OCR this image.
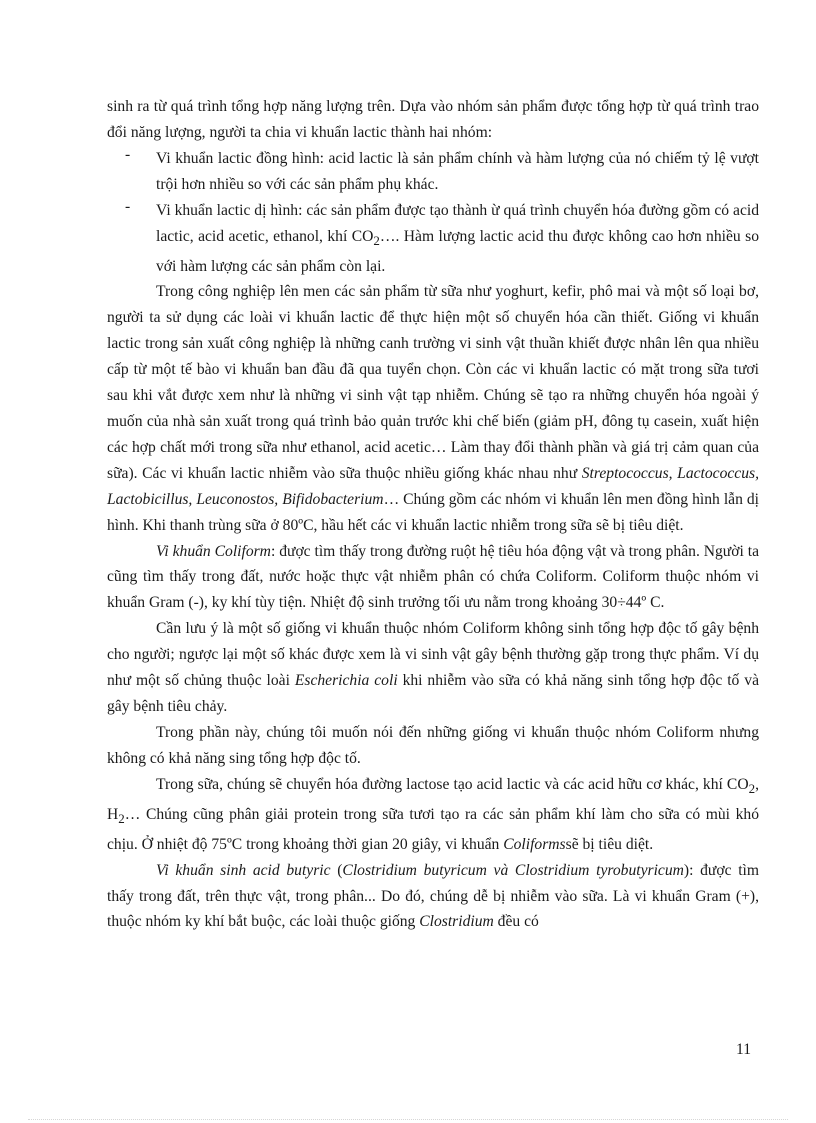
sinh ra từ quá trình tổng hợp năng lượng trên. Dựa vào nhóm sản phẩm được tổng hợp từ quá trình trao đổi năng lượng, người ta chia vi khuẩn lactic thành hai nhóm:

-	Vi khuẩn lactic đồng hình: acid lactic là sản phẩm chính và hàm lượng của nó chiếm tỷ lệ vượt trội hơn nhiều so với các sản phẩm phụ khác.

-	Vi khuẩn lactic dị hình: các sản phẩm được tạo thành ừ quá trình chuyển hóa đường gồm có acid lactic, acid acetic, ethanol, khí $CO_2\dots$. Hàm lượng lactic acid thu được không cao hơn nhiều so với hàm lượng các sản phẩm còn lại.

Trong công nghiệp lên men các sản phẩm từ sữa như yoghurt, kefir, phô mai và một số loại bơ, người ta sử dụng các loài vi khuẩn lactic để thực hiện một số chuyển hóa cần thiết. Giống vi khuẩn lactic trong sản xuất công nghiệp là những canh trường vi sinh vật thuần khiết được nhân lên qua nhiều cấp từ một tế bào vi khuẩn ban đầu đã qua tuyển chọn. Còn các vi khuẩn lactic có mặt trong sữa tươi sau khi vắt được xem như là những vi sinh vật tạp nhiễm. Chúng sẽ tạo ra những chuyển hóa ngoài ý muốn của nhà sản xuất trong quá trình bảo quản trước khi chế biến (giảm pH, đông tụ casein, xuất hiện các hợp chất mới trong sữa như ethanol, acid acetic… Làm thay đổi thành phần và giá trị cảm quan của sữa). Các vi khuẩn lactic nhiễm vào sữa thuộc nhiều giống khác nhau như Streptococcus, Lactococcus, Lactobicillus, Leuconostos, Bifidobacterium… Chúng gồm các nhóm vi khuẩn lên men đồng hình lẫn dị hình. Khi thanh trùng sữa ở 80ºC, hầu hết các vi khuẩn lactic nhiễm trong sữa sẽ bị tiêu diệt.

Vi khuẩn Coliform: được tìm thấy trong đường ruột hệ tiêu hóa động vật và trong phân. Người ta cũng tìm thấy trong đất, nước hoặc thực vật nhiễm phân có chứa Coliform. Coliform thuộc nhóm vi khuẩn Gram (-), ky khí tùy tiện. Nhiệt độ sinh trưởng tối ưu nằm trong khoảng 30÷44º C.

Cần lưu ý là một số giống vi khuẩn thuộc nhóm Coliform không sinh tổng hợp độc tố gây bệnh cho người; ngược lại một số khác được xem là vi sinh vật gây bệnh thường gặp trong thực phẩm. Ví dụ như một số chủng thuộc loài Escherichia coli khi nhiễm vào sữa có khả năng sinh tổng hợp độc tố và gây bệnh tiêu chảy.

Trong phần này, chúng tôi muốn nói đến những giống vi khuẩn thuộc nhóm Coliform nhưng không có khả năng sing tổng hợp độc tố.

Trong sữa, chúng sẽ chuyển hóa đường lactose tạo acid lactic và các acid hữu cơ khác, khí $CO_2$, $H_2\dots$ Chúng cũng phân giải protein trong sữa tươi tạo ra các sản phẩm khí làm cho sữa có mùi khó chịu. Ở nhiệt độ 75ºC trong khoảng thời gian 20 giây, vi khuẩn Coliformssẽ bị tiêu diệt.

Vi khuẩn sinh acid butyric (Clostridium butyricum và Clostridium tyrobutyricum): được tìm thấy trong đất, trên thực vật, trong phân... Do đó, chúng dễ bị nhiễm vào sữa. Là vi khuẩn Gram (+), thuộc nhóm ky khí bắt buộc, các loài thuộc giống Clostridium đều có

11
